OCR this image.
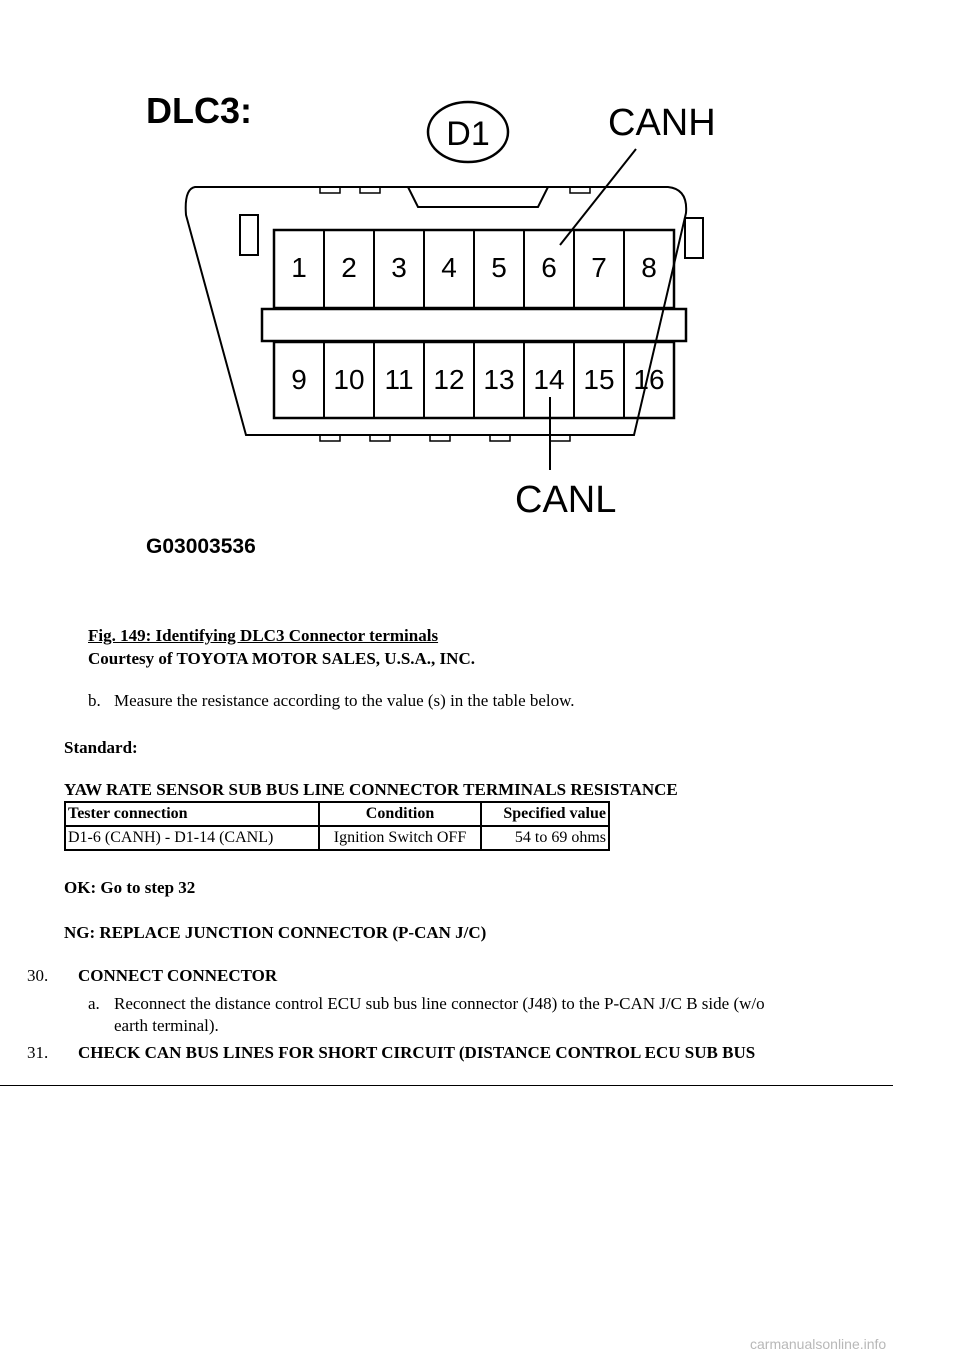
DLC3:
D1	CANH
1 2 3 4 5 6 7 8
9 10 11 12 13 14 15 16
CANL
G03003536
Fig. 149: Identifying DLC3 Connector terminals
Courtesy of TOYOTA MOTOR SALES, U.S.A., INC.
b. Measure the resistance according to the value (s) in the table below.
Standard:
YAW RATE SENSOR SUB BUS LINE CONNECTOR TERMINALS RESISTANCE
Tester connection	Condition	Specified value
D1-6 (CANH) - D1-14 (CANL)	Ignition Switch OFF	54 to 69 ohms
OK: Go to step 32
NG: REPLACE JUNCTION CONNECTOR (P-CAN J/C)
30. CONNECT CONNECTOR
a. Reconnect the distance control ECU sub bus line connector (J48) to the P-CAN J/C B side (w/o
earth terminal).
31. CHECK CAN BUS LINES FOR SHORT CIRCUIT (DISTANCE CONTROL ECU SUB BUS
carmanualsonline.info
